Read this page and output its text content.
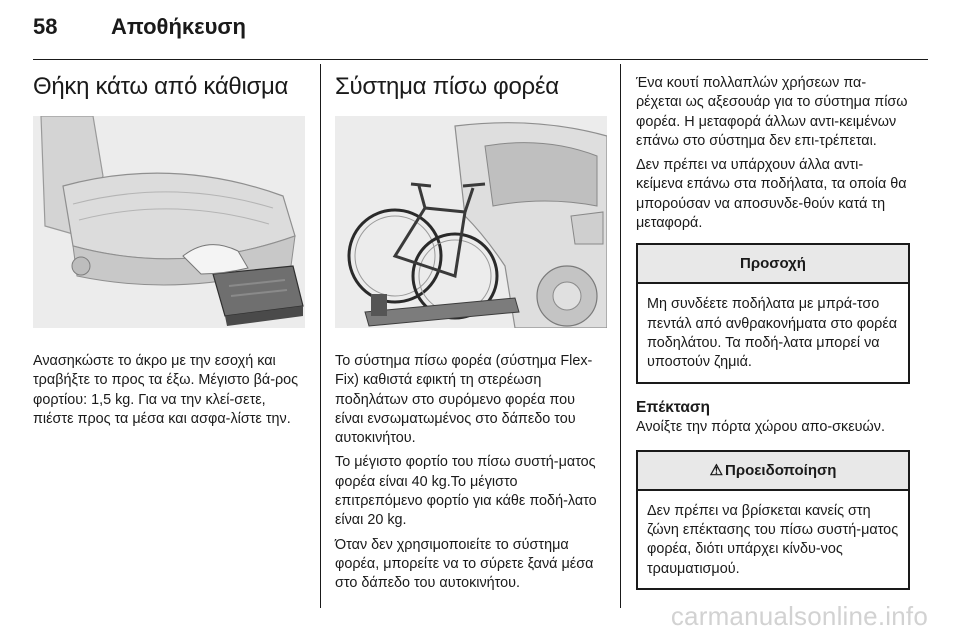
58	Αποθήκευση
Θήκη κάτω από κάθισμα

Ανασηκώστε το άκρο με την εσοχή και τραβήξτε το προς τα έξω. Μέγιστο βά-ρος φορτίου: 1,5 kg. Για να την κλεί-σετε, πιέστε προς τα μέσα και ασφα-λίστε την.

Σύστημα πίσω φορέα

Το σύστημα πίσω φορέα (σύστημα Flex-Fix) καθιστά εφικτή τη στερέωση ποδηλάτων στο συρόμενο φορέα που είναι ενσωματωμένος στο δάπεδο του αυτοκινήτου.

Το μέγιστο φορτίο του πίσω συστή-ματος φορέα είναι 40 kg.Το μέγιστο επιτρεπόμενο φορτίο για κάθε ποδή-λατο είναι 20 kg.

Όταν δεν χρησιμοποιείτε το σύστημα φορέα, μπορείτε να το σύρετε ξανά μέσα στο δάπεδο του αυτοκινήτου.

Ένα κουτί πολλαπλών χρήσεων πα-ρέχεται ως αξεσουάρ για το σύστημα πίσω φορέα. Η μεταφορά άλλων αντι-κειμένων επάνω στο σύστημα δεν επι-τρέπεται.

Δεν πρέπει να υπάρχουν άλλα αντι-κείμενα επάνω στα ποδήλατα, τα οποία θα μπορούσαν να αποσυνδε-θούν κατά τη μεταφορά.

Προσοχή
Μη συνδέετε ποδήλατα με μπρά-τσο πεντάλ από ανθρακονήματα στο φορέα ποδηλάτου. Τα ποδή-λατα μπορεί να υποστούν ζημιά.
Επέκταση

Ανοίξτε την πόρτα χώρου απο-σκευών.

⚠ Προειδοποίηση
Δεν πρέπει να βρίσκεται κανείς στη ζώνη επέκτασης του πίσω συστή-ματος φορέα, διότι υπάρχει κίνδυ-νος τραυματισμού.
carmanualsonline.info
